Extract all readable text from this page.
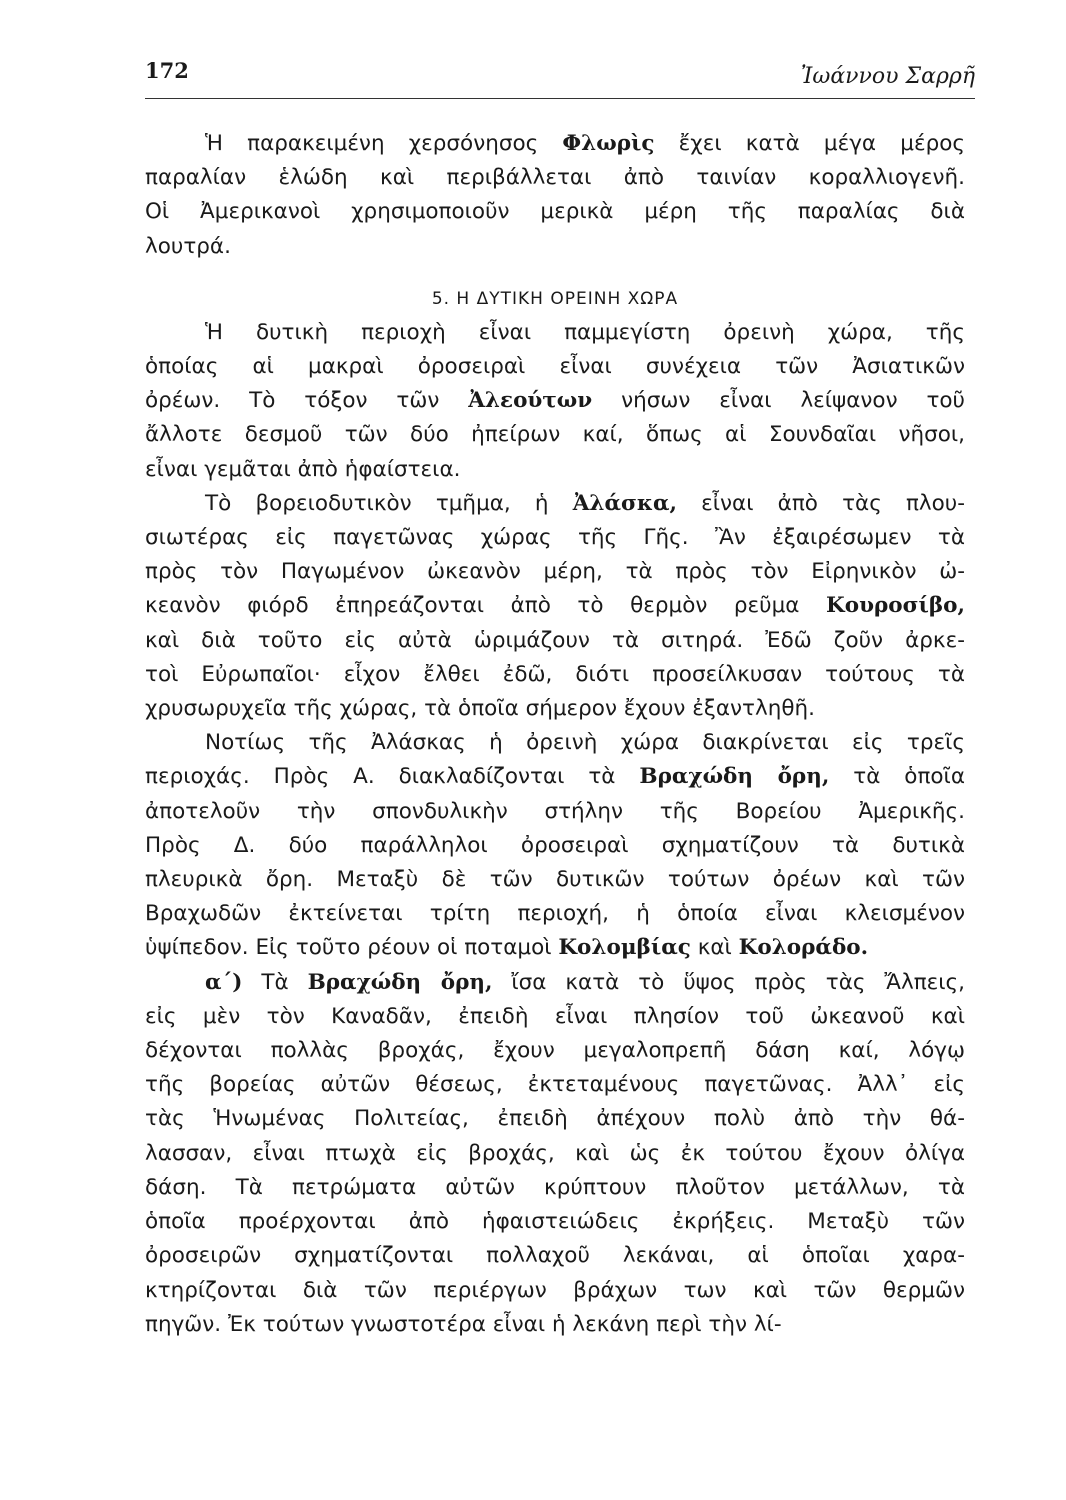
172	Ἰωάννου Σαρρῆ

Ἡ παρακειμένη χερσόνησος Φλωρὶς ἔχει κατὰ μέγα μέρος
παραλίαν ἑλώδη καὶ περιβάλλεται ἀπὸ ταινίαν κοραλλιογενῆ.
Οἱ Ἀμερικανοὶ χρησιμοποιοῦν μερικὰ μέρη τῆς παραλίας διὰ
λουτρά.

5. Η ΔΥΤΙΚΗ ΟΡΕΙΝΗ ΧΩΡΑ

Ἡ δυτικὴ περιοχὴ εἶναι παμμεγίστη ὀρεινὴ χώρα, τῆς
ὁποίας αἱ μακραὶ ὀροσειραὶ εἶναι συνέχεια τῶν Ἀσιατικῶν
ὀρέων. Τὸ τόξον τῶν Ἀλεούτων νήσων εἶναι λείψανον τοῦ
ἄλλοτε δεσμοῦ τῶν δύο ἠπείρων καί, ὅπως αἱ Σουνδαῖαι νῆσοι,
εἶναι γεμᾶται ἀπὸ ἡφαίστεια.

Τὸ βορειοδυτικὸν τμῆμα, ἡ Ἀλάσκα, εἶναι ἀπὸ τὰς πλου-
σιωτέρας εἰς παγετῶνας χώρας τῆς Γῆς. Ἂν ἐξαιρέσωμεν τὰ
πρὸς τὸν Παγωμένον ὠκεανὸν μέρη, τὰ πρὸς τὸν Εἰρηνικὸν ὠ-
κεανὸν φιόρδ ἐπηρεάζονται ἀπὸ τὸ θερμὸν ρεῦμα Κουροσίβο,
καὶ διὰ τοῦτο εἰς αὐτὰ ὡριμάζουν τὰ σιτηρά. Ἐδῶ ζοῦν ἀρκε-
τοὶ Εὐρωπαῖοι· εἶχον ἔλθει ἐδῶ, διότι προσείλκυσαν τούτους τὰ
χρυσωρυχεῖα τῆς χώρας, τὰ ὁποῖα σήμερον ἔχουν ἐξαντληθῆ.

Νοτίως τῆς Ἀλάσκας ἡ ὀρεινὴ χώρα διακρίνεται εἰς τρεῖς
περιοχάς. Πρὸς Α. διακλαδίζονται τὰ Βραχώδη ὄρη, τὰ ὁποῖα
ἀποτελοῦν τὴν σπονδυλικὴν στήλην τῆς Βορείου Ἀμερικῆς.
Πρὸς Δ. δύο παράλληλοι ὀροσειραὶ σχηματίζουν τὰ δυτικὰ
πλευρικὰ ὄρη. Μεταξὺ δὲ τῶν δυτικῶν τούτων ὀρέων καὶ τῶν
Βραχωδῶν ἐκτείνεται τρίτη περιοχή, ἡ ὁποία εἶναι κλεισμένον
ὑψίπεδον. Εἰς τοῦτο ρέουν οἱ ποταμοὶ Κολομβίας καὶ Κολοράδο.

α΄) Τὰ Βραχώδη ὄρη, ἴσα κατὰ τὸ ὕψος πρὸς τὰς Ἄλπεις,
εἰς μὲν τὸν Καναδᾶν, ἐπειδὴ εἶναι πλησίον τοῦ ὠκεανοῦ καὶ
δέχονται πολλὰς βροχάς, ἔχουν μεγαλοπρεπῆ δάση καί, λόγῳ
τῆς βορείας αὐτῶν θέσεως, ἐκτεταμένους παγετῶνας. Ἀλλ᾽ εἰς
τὰς Ἡνωμένας Πολιτείας, ἐπειδὴ ἀπέχουν πολὺ ἀπὸ τὴν θά-
λασσαν, εἶναι πτωχὰ εἰς βροχάς, καὶ ὡς ἐκ τούτου ἔχουν ὀλίγα
δάση. Τὰ πετρώματα αὐτῶν κρύπτουν πλοῦτον μετάλλων, τὰ
ὁποῖα προέρχονται ἀπὸ ἡφαιστειώδεις ἐκρήξεις. Μεταξὺ τῶν
ὀροσειρῶν σχηματίζονται πολλαχοῦ λεκάναι, αἱ ὁποῖαι χαρα-
κτηρίζονται διὰ τῶν περιέργων βράχων των καὶ τῶν θερμῶν
πηγῶν. Ἐκ τούτων γνωστοτέρα εἶναι ἡ λεκάνη περὶ τὴν λί-
